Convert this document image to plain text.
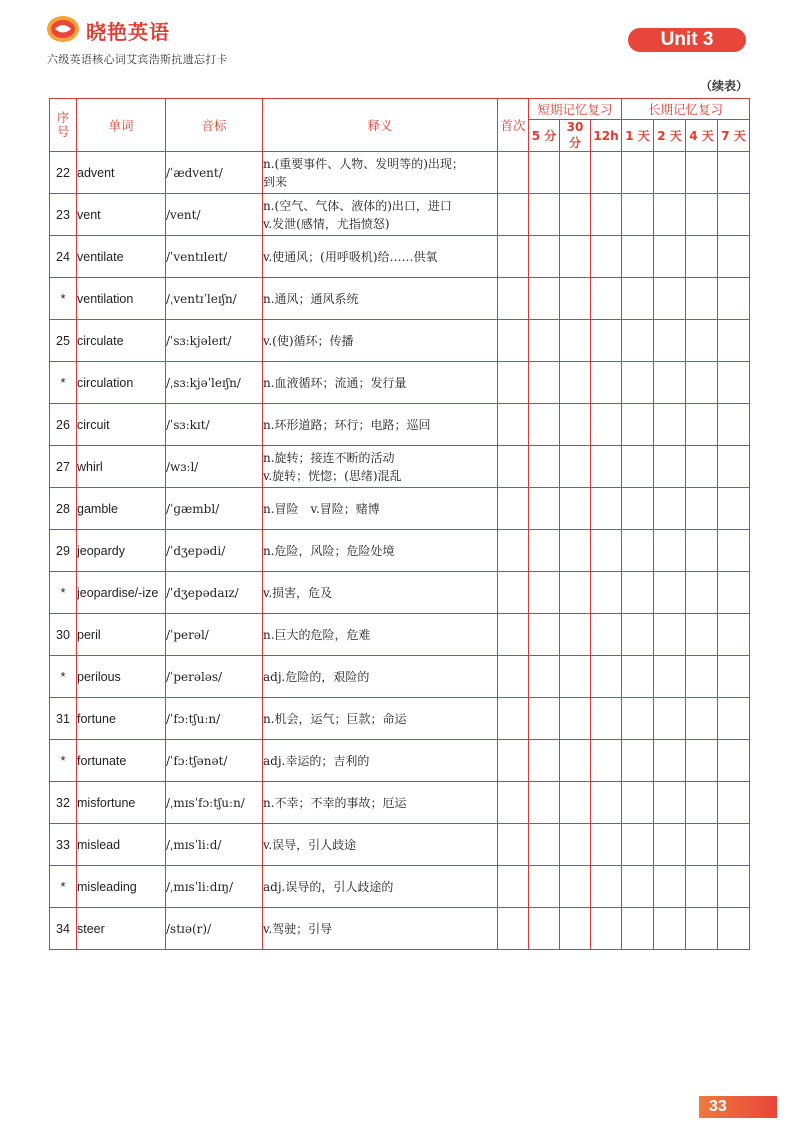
晓艳英语
六级英语核心词艾宾浩斯抗遗忘打卡
Unit 3
（续表）
序
号	单词	音标	释义	首次	短期记忆复习			长期记忆复习			
					5 分	30 分	12h	1 天	2 天	4 天	7 天
22	advent	/ˈædvent/	n.(重要事件、人物、发明等的)出现；
到来								
23	vent	/vent/	n.(空气、气体、液体的)出口，进口
v.发泄(感情，尤指愤怒)								
24	ventilate	/ˈventɪleɪt/	v.使通风；(用呼吸机)给……供氧								
*	ventilation	/ˌventɪˈleɪʃn/	n.通风；通风系统								
25	circulate	/ˈsɜːkjəleɪt/	v.(使)循环；传播								
*	circulation	/ˌsɜːkjəˈleɪʃn/	n.血液循环；流通；发行量								
26	circuit	/ˈsɜːkɪt/	n.环形道路；环行；电路；巡回								
27	whirl	/wɜːl/	n.旋转；接连不断的活动
v.旋转；恍惚；(思绪)混乱								
28	gamble	/ˈɡæmbl/	n.冒险　v.冒险；赌博								
29	jeopardy	/ˈdʒepədi/	n.危险，风险；危险处境								
*	jeopardise/-ize	/ˈdʒepədaɪz/	v.损害，危及								
30	peril	/ˈperəl/	n.巨大的危险，危难								
*	perilous	/ˈperələs/	adj.危险的，艰险的								
31	fortune	/ˈfɔːtʃuːn/	n.机会，运气；巨款；命运								
*	fortunate	/ˈfɔːtʃənət/	adj.幸运的；吉利的								
32	misfortune	/ˌmɪsˈfɔːtʃuːn/	n.不幸；不幸的事故；厄运								
33	mislead	/ˌmɪsˈliːd/	v.误导，引人歧途								
*	misleading	/ˌmɪsˈliːdɪŋ/	adj.误导的，引人歧途的								
34	steer	/stɪə(r)/	v.驾驶；引导								
33
